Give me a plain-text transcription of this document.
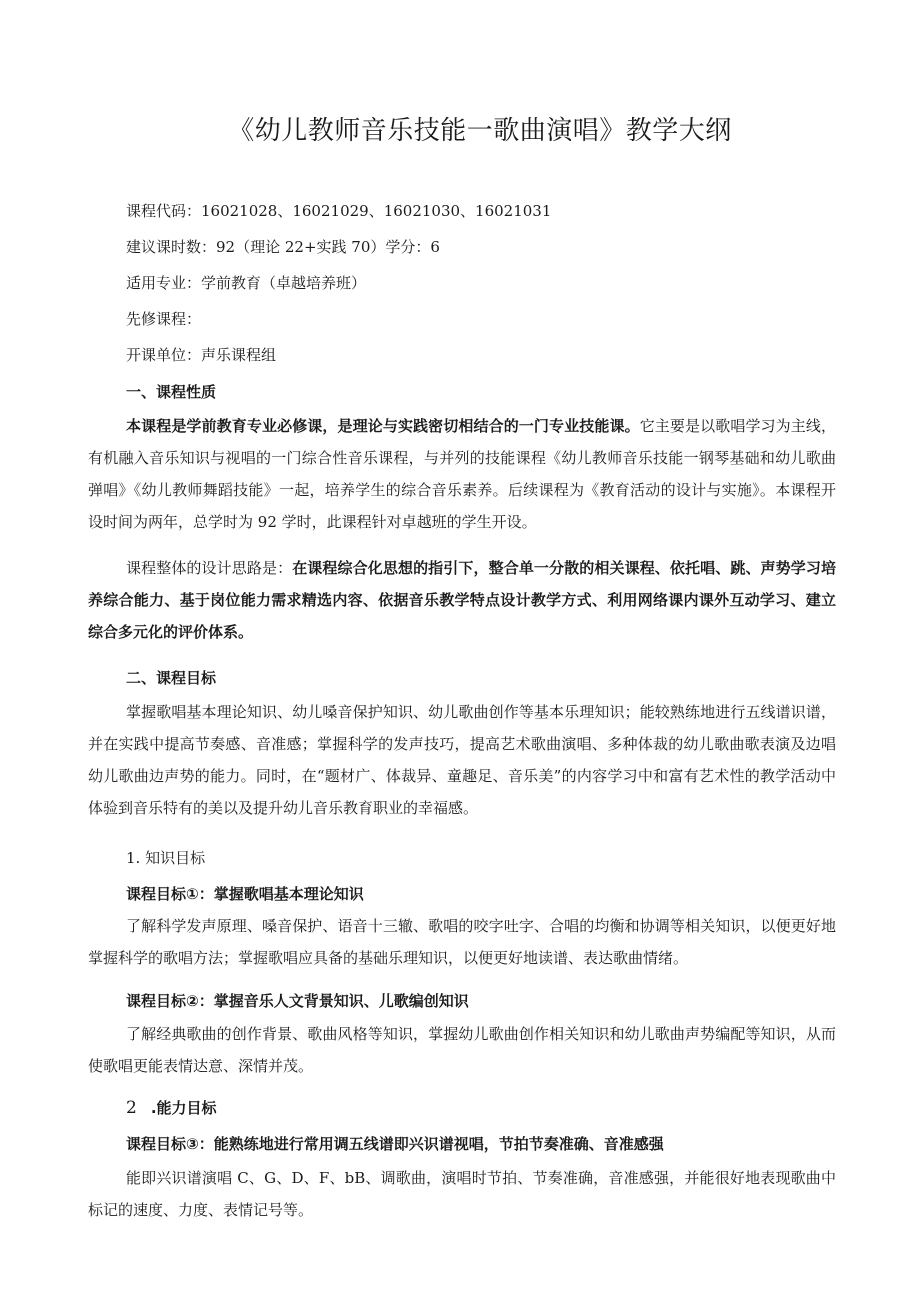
《幼儿教师音乐技能一歌曲演唱》教学大纲
课程代码：16021028、16021029、16021030、16021031
建议课时数：92（理论 22+实践 70）学分：6
适用专业：学前教育（卓越培养班）
先修课程：
开课单位：声乐课程组
一、课程性质
本课程是学前教育专业必修课，是理论与实践密切相结合的一门专业技能课。它主要是以歌唱学习为主线，有机融入音乐知识与视唱的一门综合性音乐课程，与并列的技能课程《幼儿教师音乐技能一钢琴基础和幼儿歌曲弹唱》《幼儿教师舞蹈技能》一起，培养学生的综合音乐素养。后续课程为《教育活动的设计与实施》。本课程开设时间为两年，总学时为 92 学时，此课程针对卓越班的学生开设。
课程整体的设计思路是：在课程综合化思想的指引下，整合单一分散的相关课程、依托唱、跳、声势学习培养综合能力、基于岗位能力需求精选内容、依据音乐教学特点设计教学方式、利用网络课内课外互动学习、建立综合多元化的评价体系。
二、课程目标
掌握歌唱基本理论知识、幼儿嗓音保护知识、幼儿歌曲创作等基本乐理知识；能较熟练地进行五线谱识谱，并在实践中提高节奏感、音准感；掌握科学的发声技巧，提高艺术歌曲演唱、多种体裁的幼儿歌曲歌表演及边唱幼儿歌曲边声势的能力。同时，在“题材广、体裁异、童趣足、音乐美”的内容学习中和富有艺术性的教学活动中体验到音乐特有的美以及提升幼儿音乐教育职业的幸福感。
1. 知识目标
课程目标①：掌握歌唱基本理论知识
了解科学发声原理、嗓音保护、语音十三辙、歌唱的咬字吐字、合唱的均衡和协调等相关知识，以便更好地掌握科学的歌唱方法；掌握歌唱应具备的基础乐理知识，以便更好地读谱、表达歌曲情绪。
课程目标②：掌握音乐人文背景知识、儿歌编创知识
了解经典歌曲的创作背景、歌曲风格等知识，掌握幼儿歌曲创作相关知识和幼儿歌曲声势编配等知识，从而使歌唱更能表情达意、深情并茂。
2 .能力目标
课程目标③：能熟练地进行常用调五线谱即兴识谱视唱，节拍节奏准确、音准感强
能即兴识谱演唱 C、G、D、F、bB、调歌曲，演唱时节拍、节奏准确，音准感强，并能很好地表现歌曲中标记的速度、力度、表情记号等。
